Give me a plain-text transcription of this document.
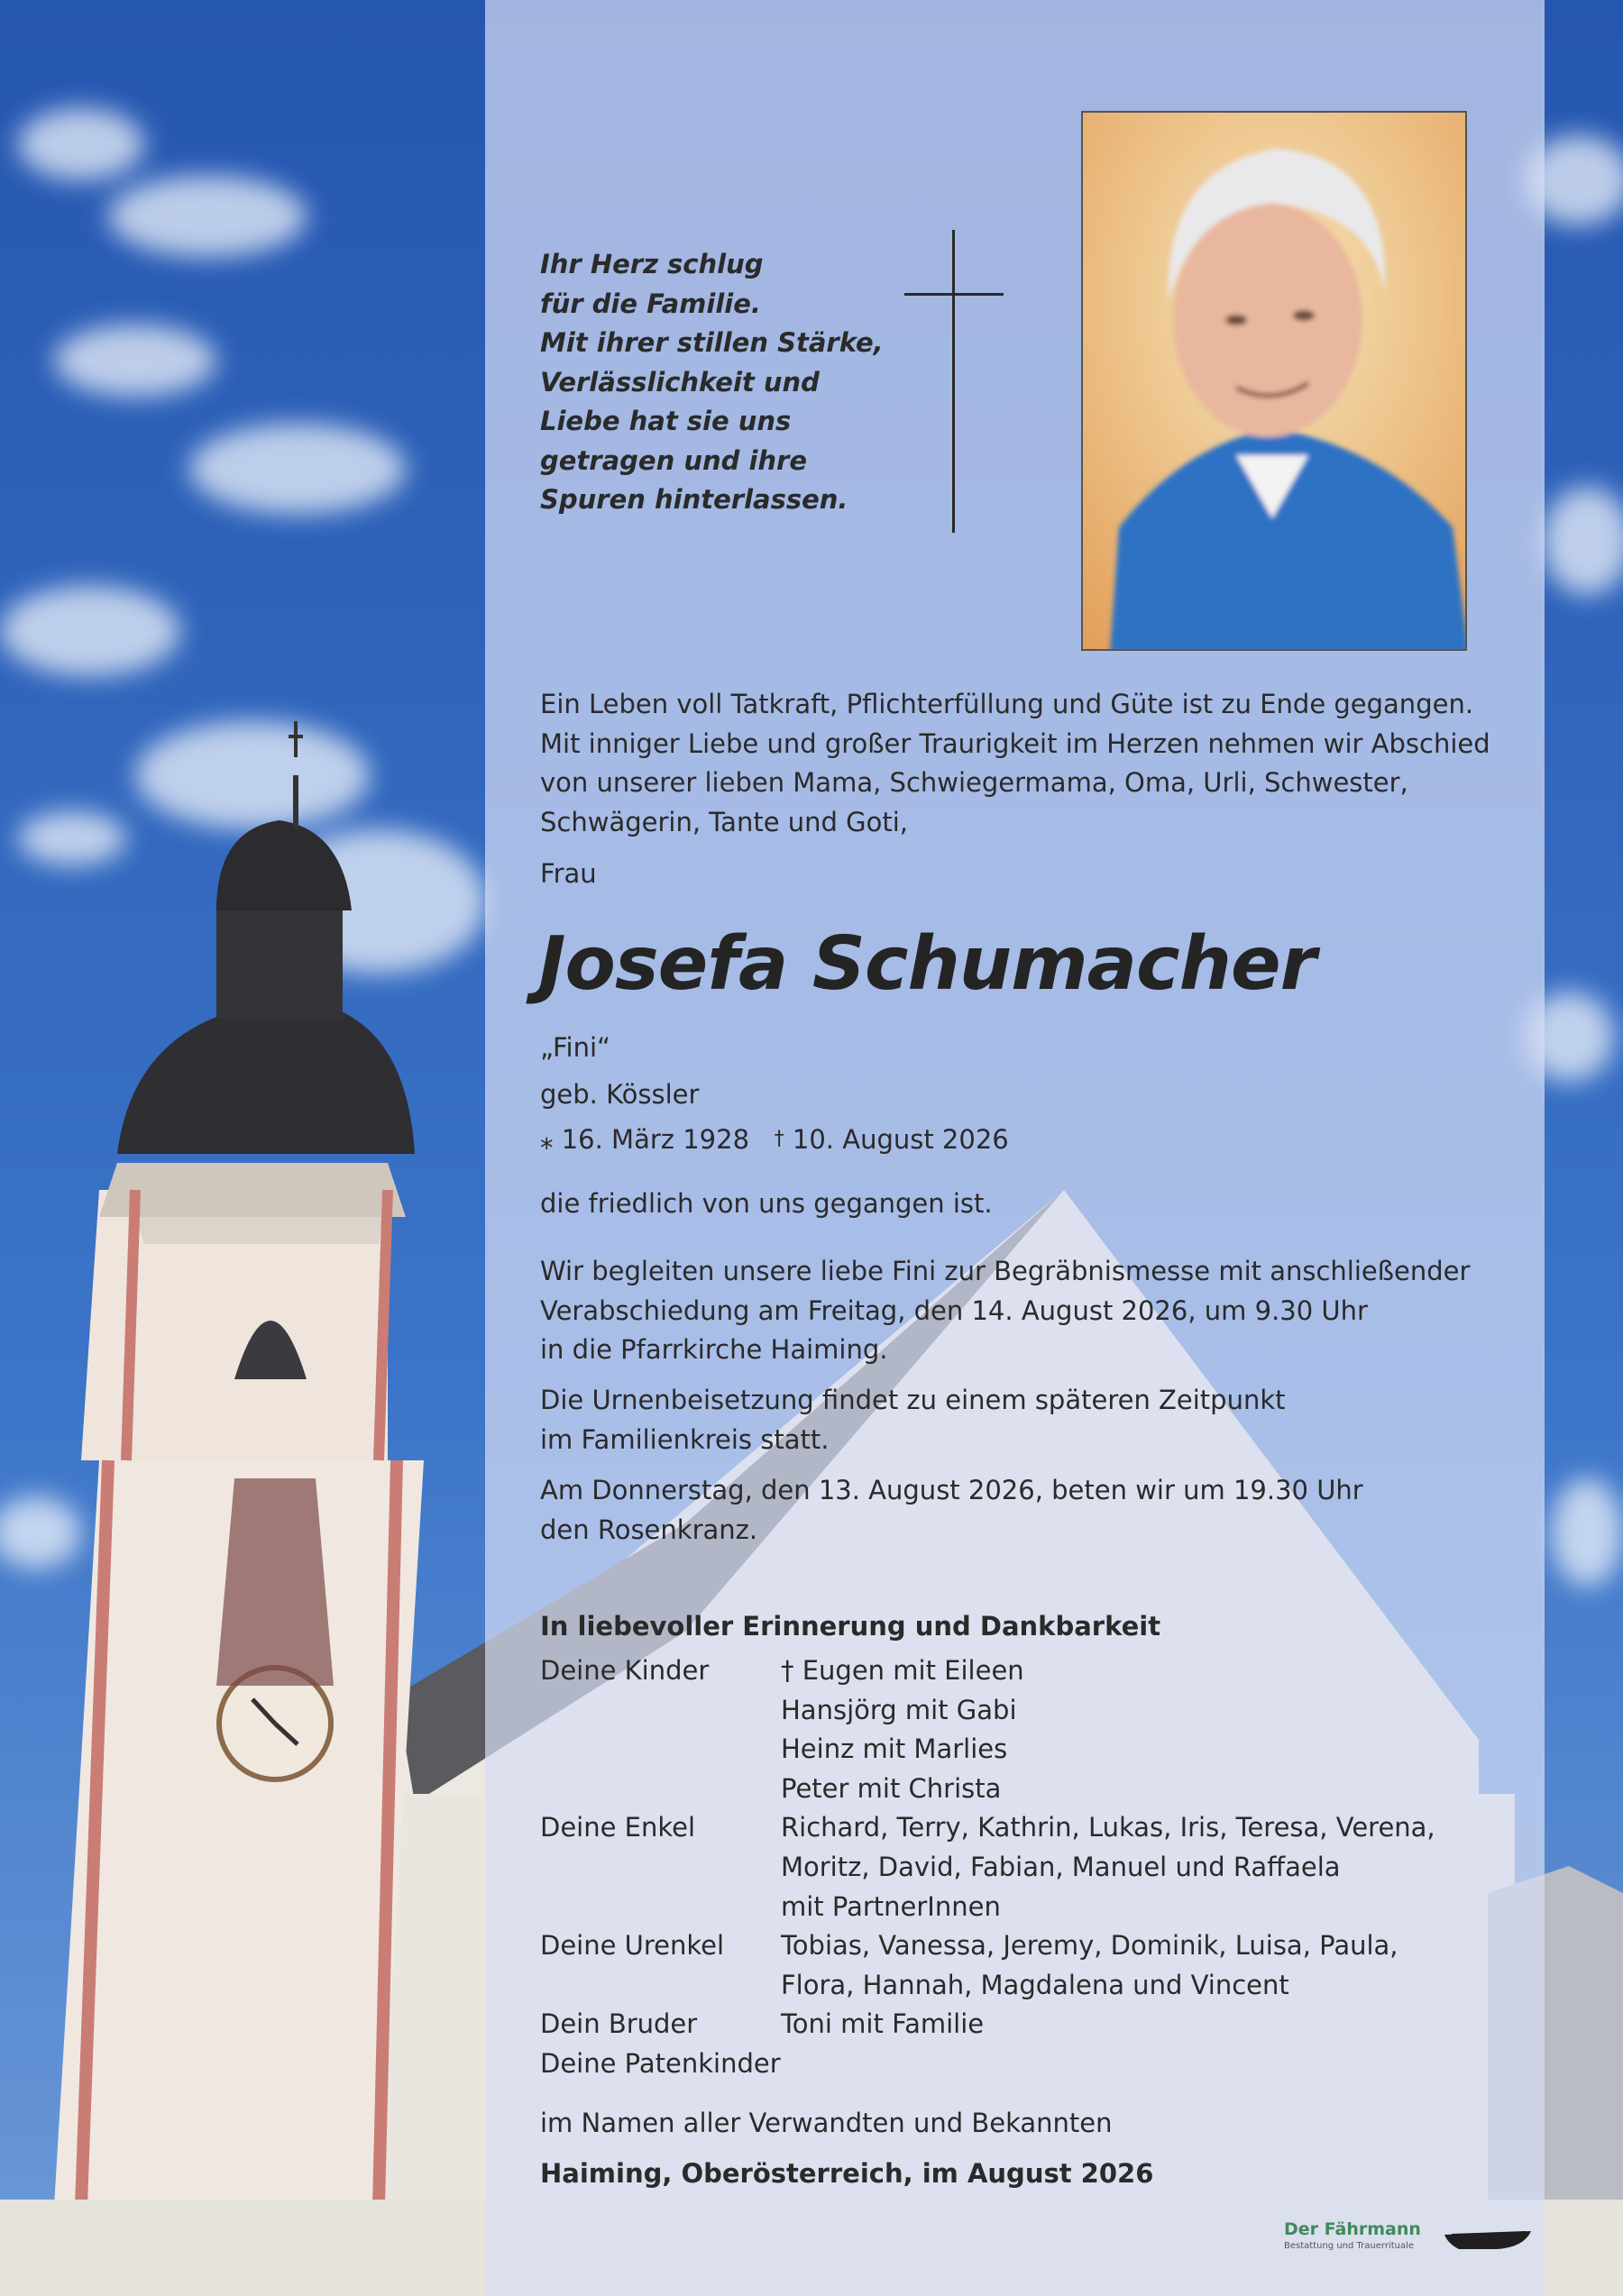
Ihr Herz schlug
für die Familie.
Mit ihrer stillen Stärke,
Verlässlichkeit und
Liebe hat sie uns
getragen und ihre
Spuren hinterlassen.
Ein Leben voll Tatkraft, Pflichterfüllung und Güte ist zu Ende gegangen.
Mit inniger Liebe und großer Traurigkeit im Herzen nehmen wir Abschied
von unserer lieben Mama, Schwiegermama, Oma, Urli, Schwester,
Schwägerin, Tante und Goti,
Frau
Josefa Schumacher
„Fini“
geb. Kössler
⁎ 16. März 1928 † 10. August 2026
die friedlich von uns gegangen ist.
Wir begleiten unsere liebe Fini zur Begräbnismesse mit anschließender
Verabschiedung am Freitag, den 14. August 2026, um 9.30 Uhr
in die Pfarrkirche Haiming.
Die Urnenbeisetzung findet zu einem späteren Zeitpunkt
im Familienkreis statt.
Am Donnerstag, den 13. August 2026, beten wir um 19.30 Uhr
den Rosenkranz.
In liebevoller Erinnerung und Dankbarkeit
Deine Kinder	† Eugen mit Eileen
Hansjörg mit Gabi
Heinz mit Marlies
Peter mit Christa
Deine Enkel	Richard, Terry, Kathrin, Lukas, Iris, Teresa, Verena,
Moritz, David, Fabian, Manuel und Raffaela
mit PartnerInnen
Deine Urenkel	Tobias, Vanessa, Jeremy, Dominik, Luisa, Paula,
Flora, Hannah, Magdalena und Vincent
Dein Bruder	Toni mit Familie
Deine Patenkinder
im Namen aller Verwandten und Bekannten
Haiming, Oberösterreich, im August 2026
Der Fährmann
Bestattung und Trauerrituale
